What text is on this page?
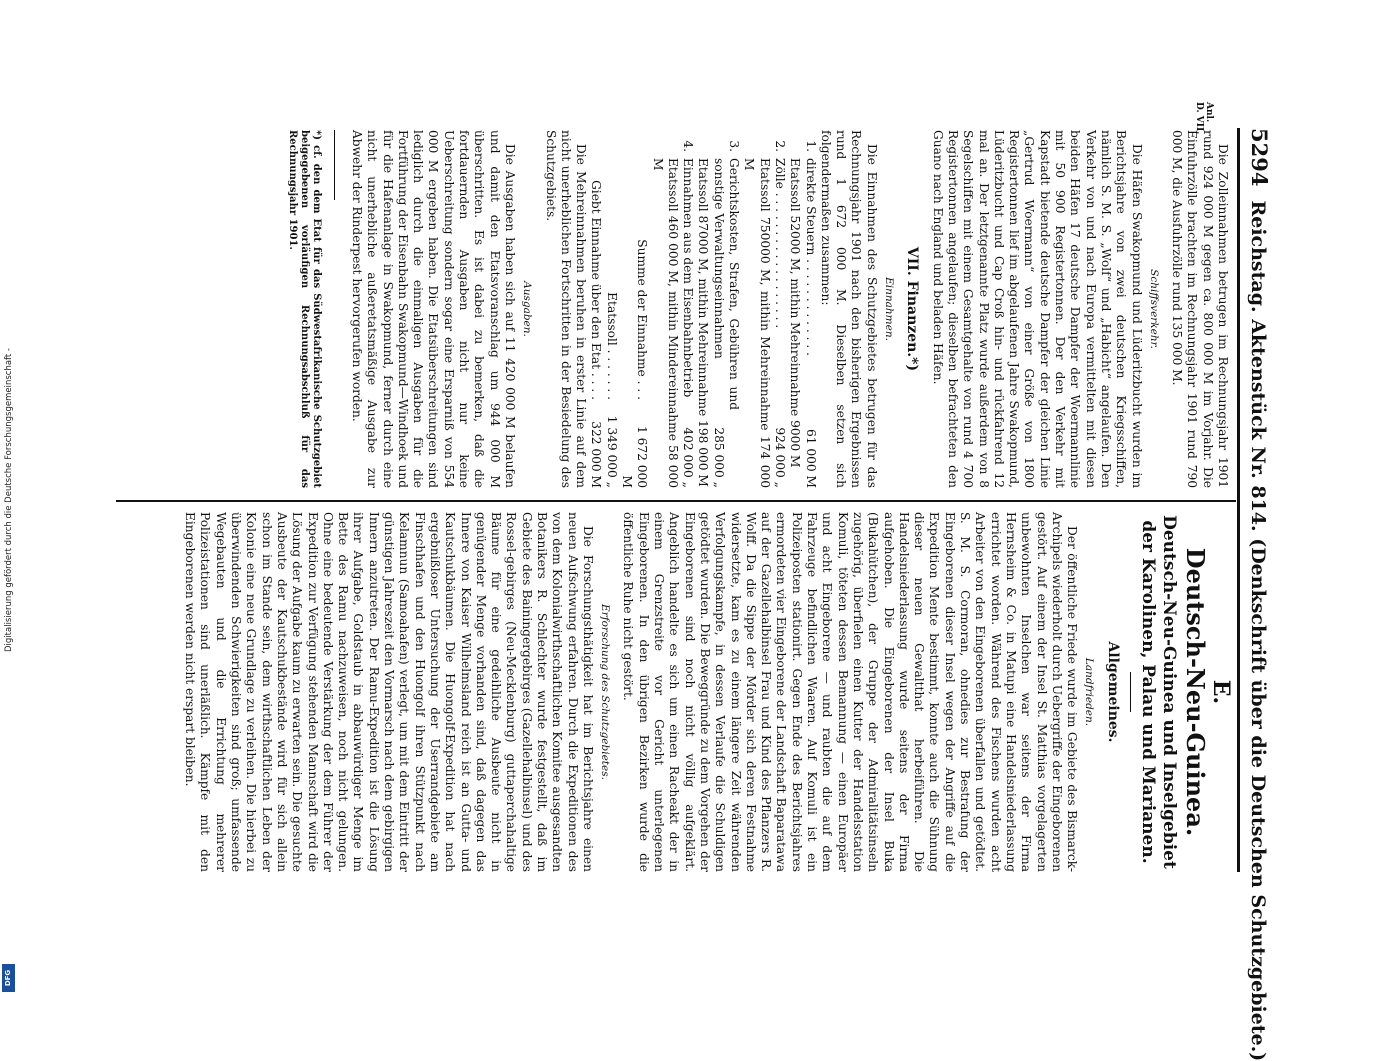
Digitalisierung gefördert durch die Deutsche Forschungsgemeinschaft -
DFG
5294
Reichstag. Aktenstück Nr. 814. (Denkschrift über die Deutschen Schutzgebiete.)
Anl.
D. VII.

Die Zolleinnahmen betrugen im Rechnungsjahr 1901 rund 924 000 M gegen ca. 800 000 M im Vorjahr. Die Einfuhrzölle brachten im Rechnungsjahr 1901 rund 790 000 M, die Ausfuhrzölle rund 135 000 M.

Schiffsverkehr.

Die Häfen Swakopmund und Lüderitzbucht wurden im Berichtsjahre von zwei deutschen Kriegsschiffen, nämlich S. M. S. „Wolf“ und „Habicht“ angelaufen. Den Verkehr von und nach Europa vermittelten mit diesen beiden Häfen 17 deutsche Dampfer der Woermannlinie mit 50 900 Registertonnen. Der den Verkehr mit Kapstadt bietende deutsche Dampfer der gleichen Linie „Gertrud Woermann“ von einer Größe von 1800 Registertonnen lief im abgelaufenen Jahre Swakopmund, Lüderitzbucht und Cap Croß hin- und rückfahrend 12 mal an. Der letztgenannte Platz wurde außerdem von 8 Segelschiffen mit einem Gesamtgehalte von rund 4 700 Registertonnen angelaufen; dieselben befrachteten den Guano nach England und beladen Häfen.

VII. Finanzen.*)
Einnahmen.

Die Einnahmen des Schutzgebietes betrugen für das Rechnungsjahr 1901 nach den bisherigen Ergebnissen rund 1 672 000 M. Dieselben setzen sich folgendermaßen zusammen:

1.
direkte Steuern . . . . . . . . . . . . .
61 000 M
Etatssoll 52000 M, mithin Mehreinnahme 9000 M
2.
Zölle . . . . . . . . . . . . . . . . . .
924 000 „
Etatssoll 750000 M, mithin Mehreinnahme 174 000 M
3.
Gerichtskosten, Strafen, Gebühren und sonstige Verwaltungseinnahmen
285 000 „
Etatssoll 87000 M, mithin Mehreinnahme 198 000 M
4.
Einnahmen aus dem Eisenbahnbetrieb
402 000 „
Etatssoll 460 000 M, mithin Mindereinnahme 58 000 M
Summe der Einnahme . . .
1 672 000 M
Etatssoll . . . . . . .
1 349 000 „
Giebt Einnahme über den Etat . . . .
322 000 M

Die Mehreinnahmen beruhen in erster Linie auf dem nicht unerheblichen Fortschritten in der Besiedelung des Schutzgebiets.

Ausgaben.

Die Ausgaben haben sich auf 11 420 000 M belaufen und damit den Etatsvoranschlag um 944 000 M überschritten. Es ist dabei zu bemerken, daß die fortdauernden Ausgaben nicht nur keine Ueberschreitung sondern sogar eine Ersparniß von 554 000 M ergeben haben. Die Etatsüberschreitungen sind lediglich durch die einmaligen Ausgaben für die Fortführung der Eisenbahn Swakopmund—Windhoek und für die Hafenanlage in Swakopmund, ferner durch eine nicht unerhebliche außeretatsmäßige Ausgabe zur Abwehr der Rinderpest hervorgerufen worden.

*) cf. den dem Etat für das Südwestafrikanische Schutzgebiet beigegebenen vorläufigen Rechnungsabschluß für das Rechnungsjahr 1901.
E.
Deutsch-Neu-Guinea.
Deutsch-Neu-Guinea und Inselgebiet der Karolinen, Palau und Marianen.
Allgemeines.
Landfrieden.

Der öffentliche Friede wurde im Gebiete des Bismarck-Archipels wiederholt durch Uebergriffe der Eingeborenen gestört. Auf einem der Insel St. Matthias vorgelagerten unbewohnten Inselchen war seitens der Firma Hernsheim & Co. in Matupi eine Handelsniederlassung errichtet worden. Während des Fischens wurden acht Arbeiter von den Eingeborenen überfallen und getödtet. S. M. S. Cormoran, ohnedies zur Bestrafung der Eingeborenen dieser Insel wegen der Angriffe auf die Expedition Mente bestimmt, konnte auch die Sühnung dieser neuen Gewaltthat herbeiführen. Die Handelsniederlassung wurde seitens der Firma aufgehoben. Die Eingeborenen der Insel Buka (Bukahütchen), der Gruppe der Admiralitätsinseln zugehörig, überfielen einen Kutter der Handelsstation Komuli, töteten dessen Bemannung — einen Europäer und acht Eingeborene — und raubten die auf dem Fahrzeuge befindlichen Waaren. Auf Komuli ist ein Polizeiposten stationirt. Gegen Ende des Berichtsjahres ermordeten vier Eingeborene der Landschaft Baparatawa auf der Gazellehalbinsel Frau und Kind des Pflanzers R. Wolff. Da die Sippe der Mörder sich deren Festnahme widersetzte, kam es zu einem längere Zeit währenden Verfolgungskampfe, in dessen Verlaufe die Schuldigen getödtet wurden. Die Beweggründe zu dem Vorgehen der Eingeborenen sind noch nicht völlig aufgeklärt. Angeblich handelte es sich um einen Racheakt der in einem Grenzstreite vor Gericht unterlegenen Eingeborenen. In den übrigen Bezirken wurde die öffentliche Ruhe nicht gestört.

Erforschung des Schutzgebietes.

Die Forschungsthätigkeit hat im Berichtsjahre einen neuen Aufschwung erfahren. Durch die Expeditionen des von dem Kolonialwirthschaftlichen Komitee ausgesandten Botanikers R. Schlechter wurde festgestellt, daß im Gebiete des Bainingergebirges (Gazellehalbinsel) und des Rossel-gebirges (Neu-Mecklenburg) guttaperchahaltige Bäume für eine gedeihliche Ausbeute nicht in genügender Menge vorhanden sind, daß dagegen das Innere von Kaiser Wilhelmsland reich ist an Gutta- und Kautschukbäumen. Die Huongolf-Expedition hat nach ergebnißloser Untersuchung der Userrandgebiete am Finschhafen und den Huongolf ihren Stützpunkt nach Kelamnun (Samoahafen) verlegt, um mit dem Eintritt der günstigen Jahreszeit den Vormarsch nach dem gebirgigen Innern anzutreten. Der Ramu-Expedition ist die Lösung ihrer Aufgabe, Goldstaub in abbauwürdiger Menge im Bette des Ramu nachzuweisen, noch nicht gelungen. Ohne eine bedeutende Verstärkung der dem Führer der Expedition zur Verfügung stehenden Mannschaft wird die Lösung der Aufgabe kaum zu erwarten sein. Die gesuchte Ausbeute der Kautschukbestände wird für sich allein schon im Stande sein, dem wirthschaftlichen Leben der Kolonie eine neue Grundlage zu verleihen. Die hierbei zu überwindenden Schwierigkeiten sind groß; umfassende Wegebauten und die Errichtung mehrerer Polizeistationen sind unerläßlich. Kämpfe mit den Eingeborenen werden nicht erspart bleiben.
